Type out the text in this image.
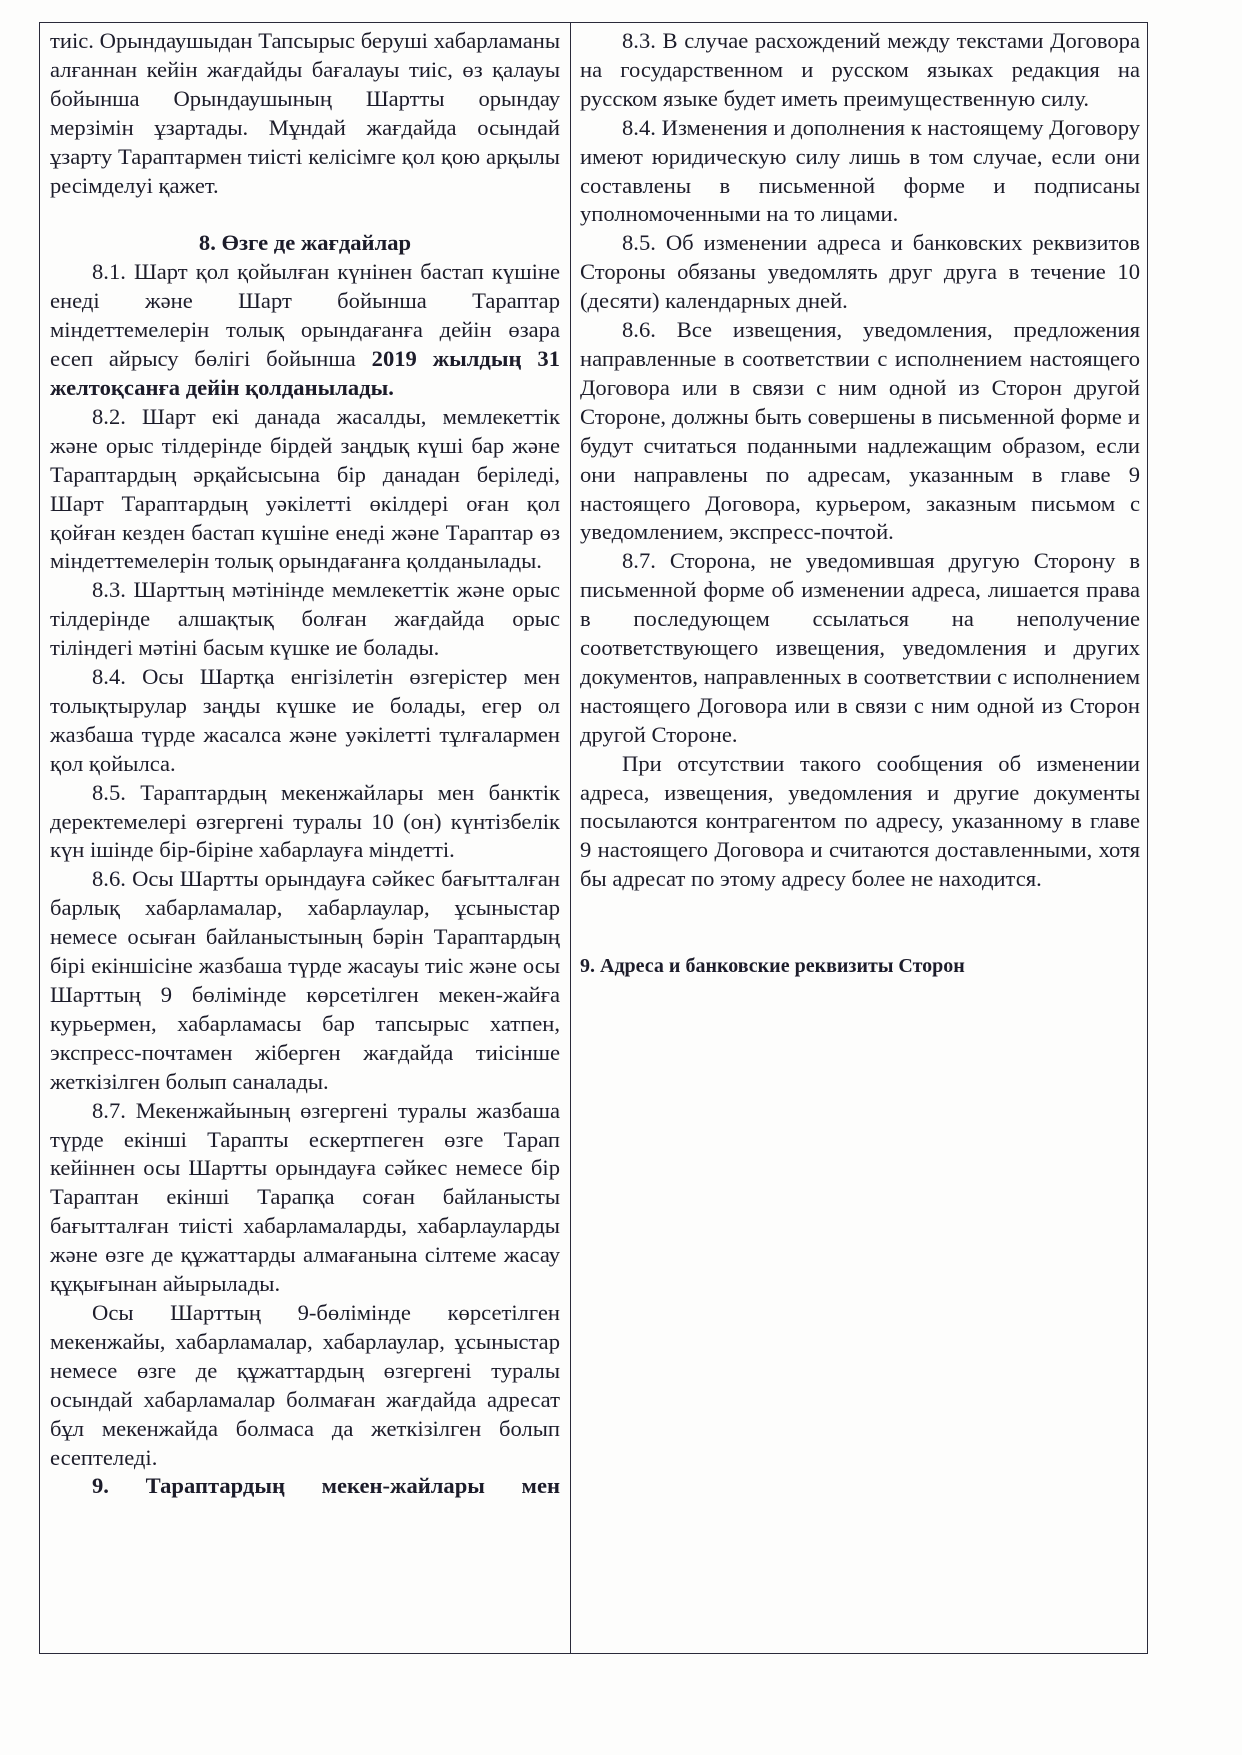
тиіс. Орындаушыдан Тапсырыс беруші хабарламаны алғаннан кейін жағдайды бағалауы тиіс, өз қалауы бойынша Орындаушының Шартты орындау мерзімін ұзартады. Мұндай жағдайда осындай ұзарту Тараптармен тиісті келісімге қол қою арқылы ресімделуі қажет.

8. Өзге де жағдайлар

8.1. Шарт қол қойылған күнінен бастап күшіне енеді және Шарт бойынша Тараптар міндеттемелерін толық орындағанға дейін өзара есеп айрысу бөлігі бойынша 2019 жылдың 31 желтоқсанға дейін қолданылады.

8.2. Шарт екі данада жасалды, мемлекеттік және орыс тілдерінде бірдей заңдық күші бар және Тараптардың әрқайсысына бір данадан беріледі, Шарт Тараптардың уәкілетті өкілдері оған қол қойған кезден бастап күшіне енеді және Тараптар өз міндеттемелерін толық орындағанға қолданылады.

8.3. Шарттың мәтінінде мемлекеттік және орыс тілдерінде алшақтық болған жағдайда орыс тіліндегі мәтіні басым күшке ие болады.

8.4. Осы Шартқа енгізілетін өзгерістер мен толықтырулар заңды күшке ие болады, егер ол жазбаша түрде жасалса және уәкілетті тұлғалармен қол қойылса.

8.5. Тараптардың мекенжайлары мен банктік деректемелері өзгергені туралы 10 (он) күнтізбелік күн ішінде бір-біріне хабарлауға міндетті.

8.6. Осы Шартты орындауға сәйкес бағытталған барлық хабарламалар, хабарлаулар, ұсыныстар немесе осыған байланыстының бәрін Тараптардың бірі екіншісіне жазбаша түрде жасауы тиіс және осы Шарттың 9 бөлімінде көрсетілген мекен-жайға курьермен, хабарламасы бар тапсырыс хатпен, экспресс-почтамен жіберген жағдайда тиісінше жеткізілген болып саналады.

8.7. Мекенжайының өзгергені туралы жазбаша түрде екінші Тарапты ескертпеген өзге Тарап кейіннен осы Шартты орындауға сәйкес немесе бір Тараптан екінші Тарапқа соған байланысты бағытталған тиісті хабарламаларды, хабарлауларды және өзге де құжаттарды алмағанына сілтеме жасау құқығынан айырылады.

Осы Шарттың 9-бөлімінде көрсетілген мекенжайы, хабарламалар, хабарлаулар, ұсыныстар немесе өзге де құжаттардың өзгергені туралы осындай хабарламалар болмаған жағдайда адресат бұл мекенжайда болмаса да жеткізілген болып есептеледі.

9. Тараптардың мекен-жайлары мен

8.3. В случае расхождений между текстами Договора на государственном и русском языках редакция на русском языке будет иметь преимущественную силу.

8.4. Изменения и дополнения к настоящему Договору имеют юридическую силу лишь в том случае, если они составлены в письменной форме и подписаны уполномоченными на то лицами.

8.5. Об изменении адреса и банковских реквизитов Стороны обязаны уведомлять друг друга в течение 10 (десяти) календарных дней.

8.6. Все извещения, уведомления, предложения направленные в соответствии с исполнением настоящего Договора или в связи с ним одной из Сторон другой Стороне, должны быть совершены в письменной форме и будут считаться поданными надлежащим образом, если они направлены по адресам, указанным в главе 9 настоящего Договора, курьером, заказным письмом с уведомлением, экспресс-почтой.

8.7. Сторона, не уведомившая другую Сторону в письменной форме об изменении адреса, лишается права в последующем ссылаться на неполучение соответствующего извещения, уведомления и других документов, направленных в соответствии с исполнением настоящего Договора или в связи с ним одной из Сторон другой Стороне.

При отсутствии такого сообщения об изменении адреса, извещения, уведомления и другие документы посылаются контрагентом по адресу, указанному в главе 9 настоящего Договора и считаются доставленными, хотя бы адресат по этому адресу более не находится.

9. Адреса и банковские реквизиты Сторон
